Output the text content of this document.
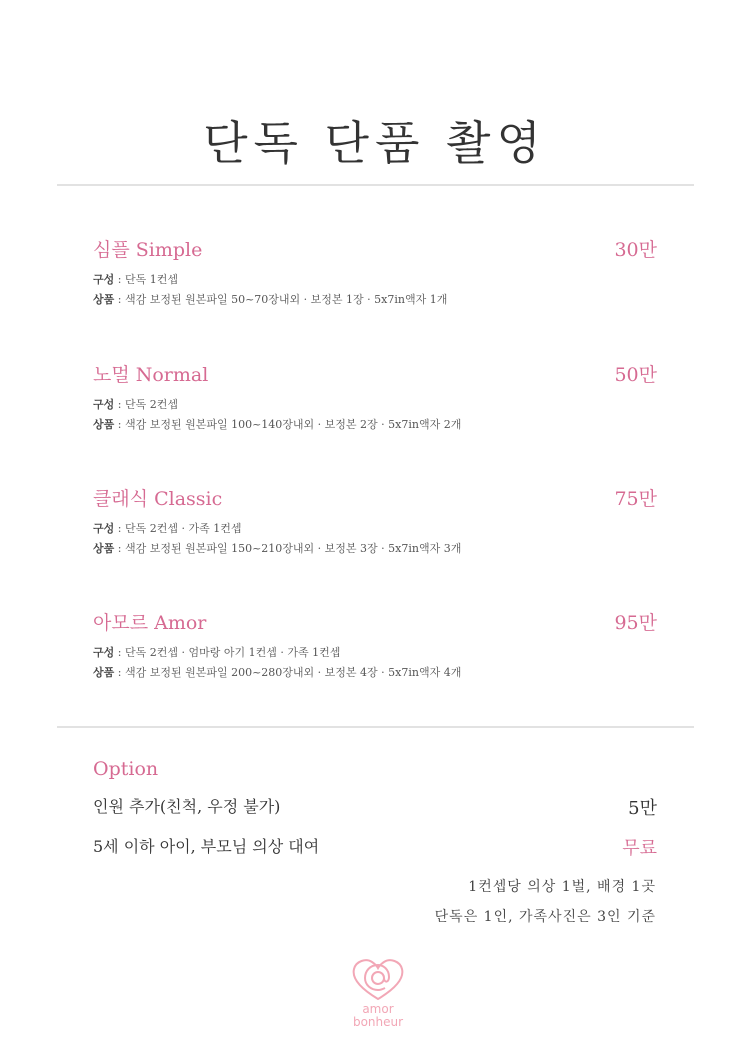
단독 단품 촬영
심플 Simple	30만
구성 : 단독 1컨셉
상품 : 색감 보정된 원본파일 50~70장내외 · 보정본 1장 · 5x7in액자 1개
노멀 Normal	50만
구성 : 단독 2컨셉
상품 : 색감 보정된 원본파일 100~140장내외 · 보정본 2장 · 5x7in액자 2개
클래식 Classic	75만
구성 : 단독 2컨셉 · 가족 1컨셉
상품 : 색감 보정된 원본파일 150~210장내외 · 보정본 3장 · 5x7in액자 3개
아모르 Amor	95만
구성 : 단독 2컨셉 · 엄마랑 아기 1컨셉 · 가족 1컨셉
상품 : 색감 보정된 원본파일 200~280장내외 · 보정본 4장 · 5x7in액자 4개
Option
인원 추가(친척, 우정 불가)	5만
5세 이하 아이, 부모님 의상 대여	무료
1컨셉당 의상 1벌, 배경 1곳
단독은 1인, 가족사진은 3인 기준
amor
bonheur
